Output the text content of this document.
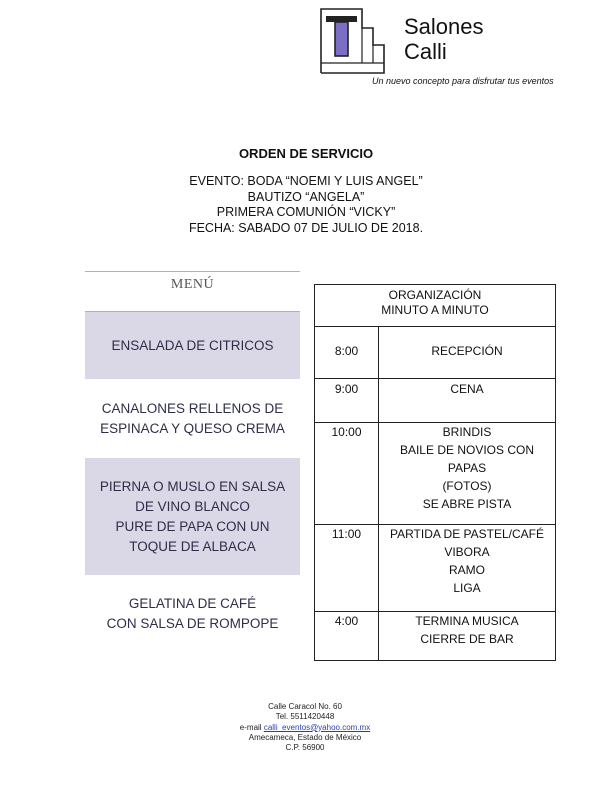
Salones
Calli
Un nuevo concepto para disfrutar tus eventos
ORDEN DE SERVICIO
EVENTO: BODA “NOEMI Y LUIS ANGEL”
BAUTIZO “ANGELA”
PRIMERA COMUNIÓN “VICKY”
FECHA: SABADO 07 DE JULIO DE 2018.
MENÚ
ENSALADA DE CITRICOS
CANALONES RELLENOS DE
ESPINACA Y QUESO CREMA
PIERNA O MUSLO EN SALSA
DE VINO BLANCO
PURE DE PAPA CON UN
TOQUE DE ALBACA
GELATINA DE CAFÉ
CON SALSA DE ROMPOPE
ORGANIZACIÓN
MINUTO A MINUTO
8:00	RECEPCIÓN
9:00	CENA
10:00	BRINDIS
BAILE DE NOVIOS CON
PAPAS
(FOTOS)
SE ABRE PISTA
11:00	PARTIDA DE PASTEL/CAFÉ
VIBORA
RAMO
LIGA
4:00	TERMINA MUSICA
CIERRE DE BAR
Calle Caracol No. 60
Tel. 5511420448
e-mail calli_eventos@yahoo.com.mx
Amecameca, Estado de México
C.P. 56900
